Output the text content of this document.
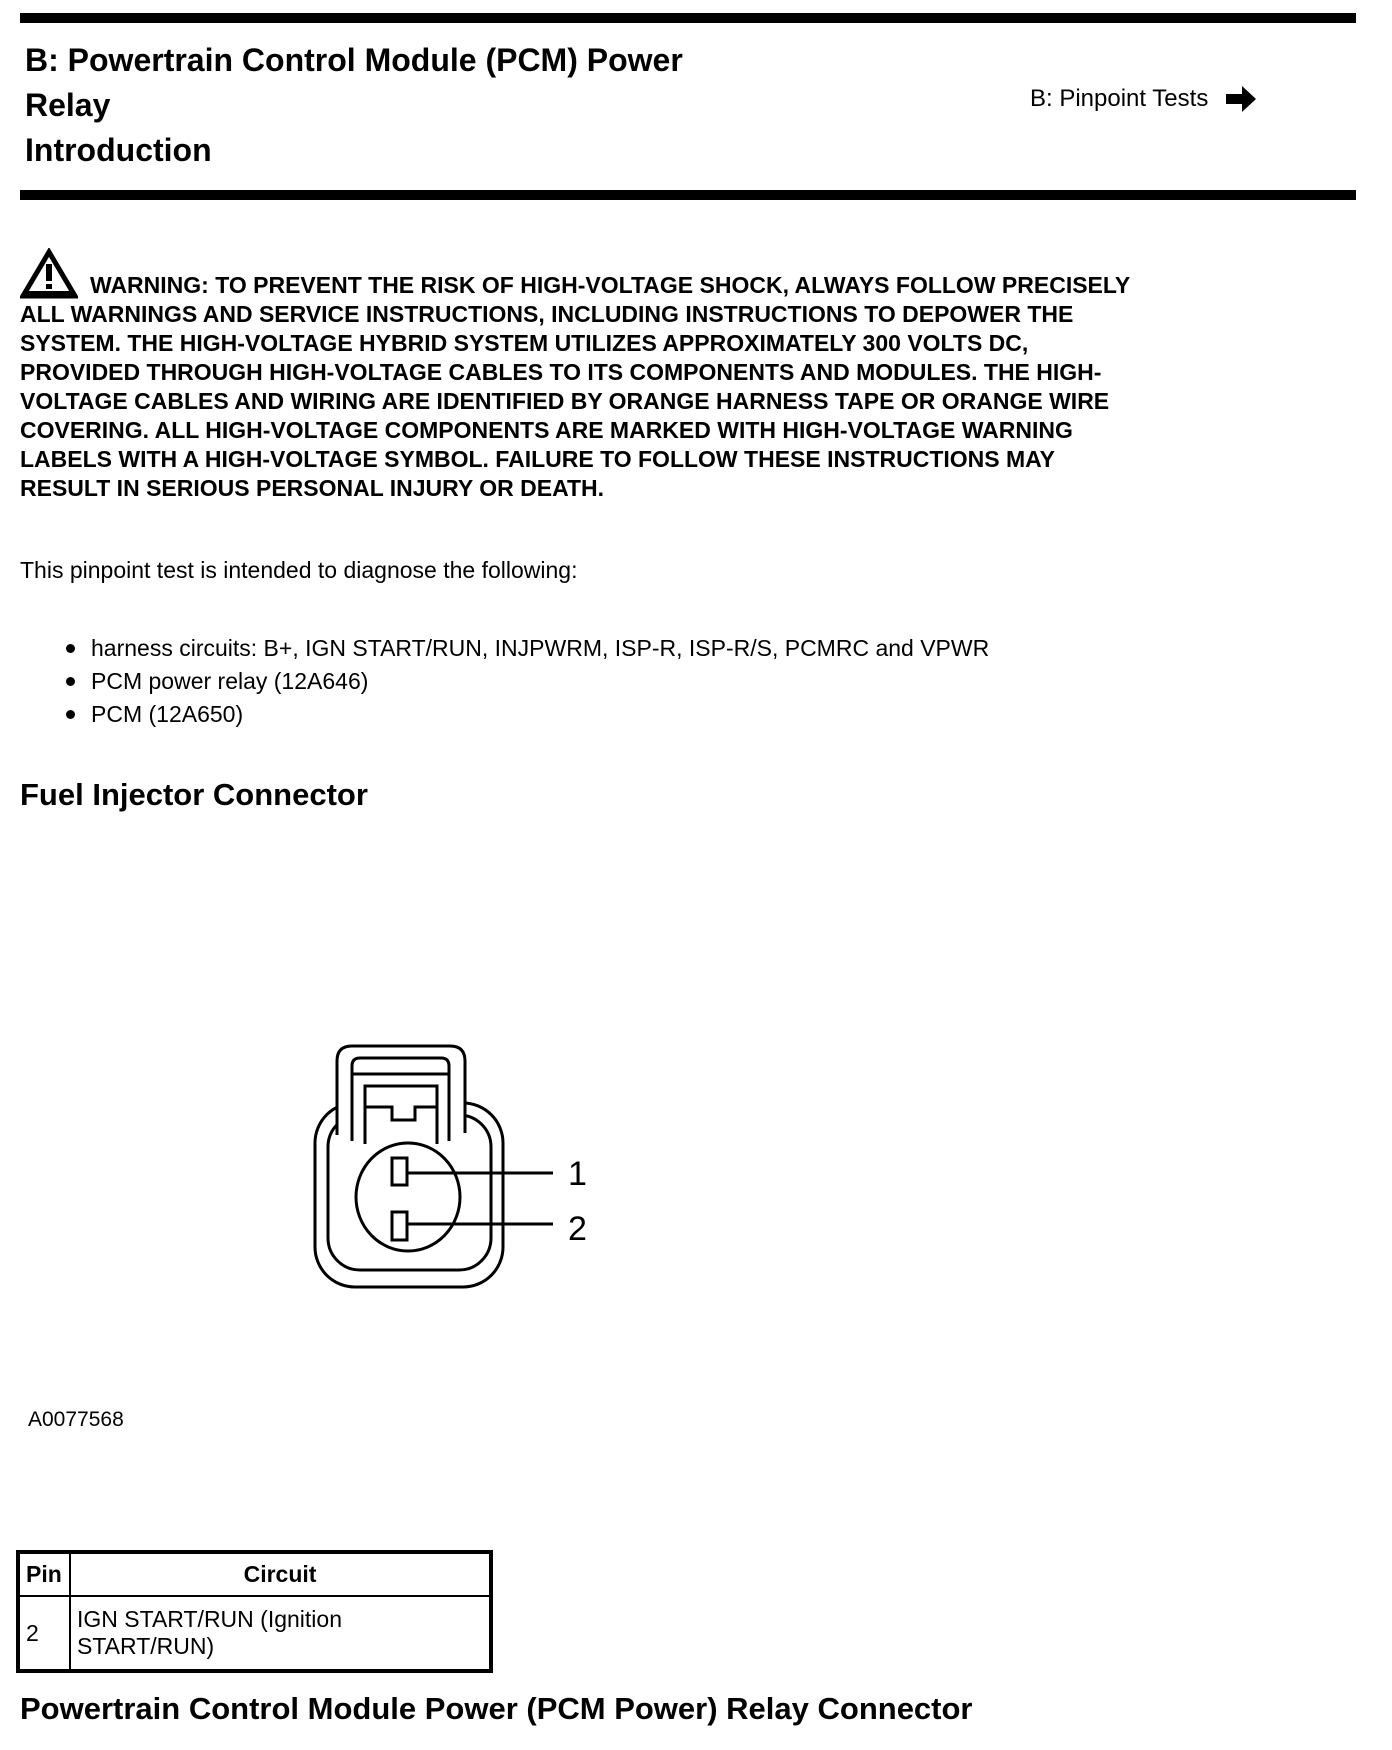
B: Powertrain Control Module (PCM) Power
Relay
Introduction
B: Pinpoint Tests
WARNING: TO PREVENT THE RISK OF HIGH-VOLTAGE SHOCK, ALWAYS FOLLOW PRECISELY
ALL WARNINGS AND SERVICE INSTRUCTIONS, INCLUDING INSTRUCTIONS TO DEPOWER THE
SYSTEM. THE HIGH-VOLTAGE HYBRID SYSTEM UTILIZES APPROXIMATELY 300 VOLTS DC,
PROVIDED THROUGH HIGH-VOLTAGE CABLES TO ITS COMPONENTS AND MODULES. THE HIGH-
VOLTAGE CABLES AND WIRING ARE IDENTIFIED BY ORANGE HARNESS TAPE OR ORANGE WIRE
COVERING. ALL HIGH-VOLTAGE COMPONENTS ARE MARKED WITH HIGH-VOLTAGE WARNING
LABELS WITH A HIGH-VOLTAGE SYMBOL. FAILURE TO FOLLOW THESE INSTRUCTIONS MAY
RESULT IN SERIOUS PERSONAL INJURY OR DEATH.
This pinpoint test is intended to diagnose the following:
harness circuits: B+, IGN START/RUN, INJPWRM, ISP-R, ISP-R/S, PCMRC and VPWR
PCM power relay (12A646)
PCM (12A650)
Fuel Injector Connector
1
2
A0077568
Pin	Circuit
2	IGN START/RUN (Ignition START/RUN)
Powertrain Control Module Power (PCM Power) Relay Connector
